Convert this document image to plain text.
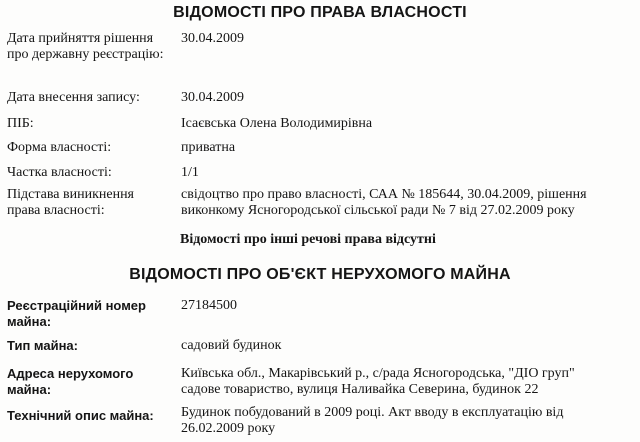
ВІДОМОСТІ ПРО ПРАВА ВЛАСНОСТІ
Дата прийняття рішення про державну реєстрацію:
30.04.2009
Дата внесення запису:	30.04.2009
ПІБ:	Ісаєвська Олена Володимирівна
Форма власності:	приватна
Частка власності:	1/1
Підстава виникнення права власності:
свідоцтво про право власності, САА № 185644, 30.04.2009, рішення
виконкому Ясногородської сільської ради № 7 від 27.02.2009 року
Відомості про інші речові права відсутні
ВІДОМОСТІ ПРО ОБ'ЄКТ НЕРУХОМОГО МАЙНА
Реєстраційний номер майна:
27184500
Тип майна:	садовий будинок
Адреса нерухомого майна:
Київська обл., Макарівський р., с/рада Ясногородська, "ДІО груп"
садове товариство, вулиця Наливайка Северина, будинок 22
Технічний опис майна:	Будинок побудований в 2009 році. Акт вводу в експлуатацію від
26.02.2009 року
